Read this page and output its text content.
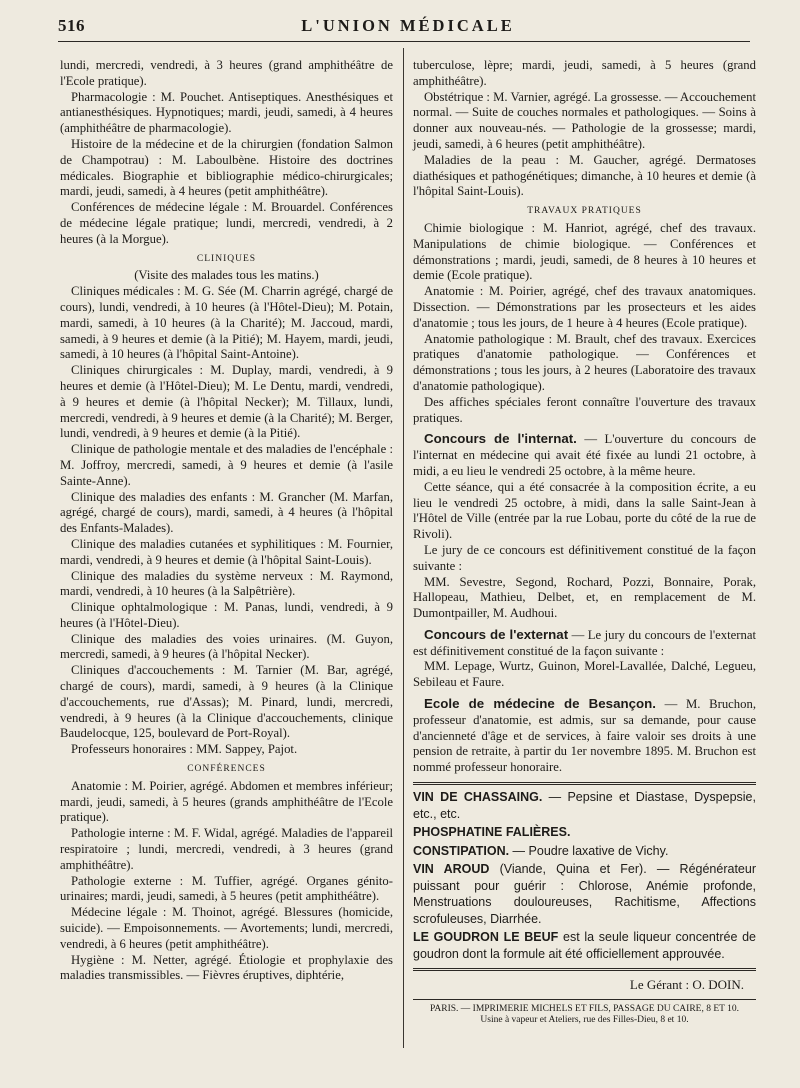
516	L'UNION MÉDICALE

lundi, mercredi, vendredi, à 3 heures (grand amphithéâtre de l'Ecole pratique).

Pharmacologie : M. Pouchet. Antiseptiques. Anesthésiques et antianesthésiques. Hypnotiques; mardi, jeudi, samedi, à 4 heures (amphithéâtre de pharmacologie).

Histoire de la médecine et de la chirurgien (fondation Salmon de Champotrau) : M. Laboulbène. Histoire des doctrines médicales. Biographie et bibliographie médico-chirurgicales; mardi, jeudi, samedi, à 4 heures (petit amphithéâtre).

Conférences de médecine légale : M. Brouardel. Conférences de médecine légale pratique; lundi, mercredi, vendredi, à 2 heures (à la Morgue).

CLINIQUES

(Visite des malades tous les matins.)

Cliniques médicales : M. G. Sée (M. Charrin agrégé, chargé de cours), lundi, vendredi, à 10 heures (à l'Hôtel-Dieu); M. Potain, mardi, samedi, à 10 heures (à la Charité); M. Jaccoud, mardi, samedi, à 9 heures et demie (à la Pitié); M. Hayem, mardi, jeudi, samedi, à 10 heures (à l'hôpital Saint-Antoine).

Cliniques chirurgicales : M. Duplay, mardi, vendredi, à 9 heures et demie (à l'Hôtel-Dieu); M. Le Dentu, mardi, vendredi, à 9 heures et demie (à l'hôpital Necker); M. Tillaux, lundi, mercredi, vendredi, à 9 heures et demie (à la Charité); M. Berger, lundi, vendredi, à 9 heures et demie (à la Pitié).

Clinique de pathologie mentale et des maladies de l'encéphale : M. Joffroy, mercredi, samedi, à 9 heures et demie (à l'asile Sainte-Anne).

Clinique des maladies des enfants : M. Grancher (M. Marfan, agrégé, chargé de cours), mardi, samedi, à 4 heures (à l'hôpital des Enfants-Malades).

Clinique des maladies cutanées et syphilitiques : M. Fournier, mardi, vendredi, à 9 heures et demie (à l'hôpital Saint-Louis).

Clinique des maladies du système nerveux : M. Raymond, mardi, vendredi, à 10 heures (à la Salpêtrière).

Clinique ophtalmologique : M. Panas, lundi, vendredi, à 9 heures (à l'Hôtel-Dieu).

Clinique des maladies des voies urinaires. (M. Guyon, mercredi, samedi, à 9 heures (à l'hôpital Necker).

Cliniques d'accouchements : M. Tarnier (M. Bar, agrégé, chargé de cours), mardi, samedi, à 9 heures (à la Clinique d'accouchements, rue d'Assas); M. Pinard, lundi, mercredi, vendredi, à 9 heures (à la Clinique d'accouchements, clinique Baudelocque, 125, boulevard de Port-Royal).

Professeurs honoraires : MM. Sappey, Pajot.

CONFÉRENCES

Anatomie : M. Poirier, agrégé. Abdomen et membres inférieur; mardi, jeudi, samedi, à 5 heures (grands amphithéâtre de l'Ecole pratique).

Pathologie interne : M. F. Widal, agrégé. Maladies de l'appareil respiratoire ; lundi, mercredi, vendredi, à 3 heures (grand amphithéâtre).

Pathologie externe : M. Tuffier, agrégé. Organes génito-urinaires; mardi, jeudi, samedi, à 5 heures (petit amphithéâtre).

Médecine légale : M. Thoinot, agrégé. Blessures (homicide, suicide). — Empoisonnements. — Avortements; lundi, mercredi, vendredi, à 6 heures (petit amphithéâtre).

Hygiène : M. Netter, agrégé. Étiologie et prophylaxie des maladies transmissibles. — Fièvres éruptives, diphtérie,

tuberculose, lèpre; mardi, jeudi, samedi, à 5 heures (grand amphithéâtre).

Obstétrique : M. Varnier, agrégé. La grossesse. — Accouchement normal. — Suite de couches normales et pathologiques. — Soins à donner aux nouveau-nés. — Pathologie de la grossesse; mardi, jeudi, samedi, à 6 heures (petit amphithéâtre).

Maladies de la peau : M. Gaucher, agrégé. Dermatoses diathésiques et pathogénétiques; dimanche, à 10 heures et demie (à l'hôpital Saint-Louis).

TRAVAUX PRATIQUES

Chimie biologique : M. Hanriot, agrégé, chef des travaux. Manipulations de chimie biologique. — Conférences et démonstrations ; mardi, jeudi, samedi, de 8 heures à 10 heures et demie (Ecole pratique).

Anatomie : M. Poirier, agrégé, chef des travaux anatomiques. Dissection. — Démonstrations par les prosecteurs et les aides d'anatomie ; tous les jours, de 1 heure à 4 heures (Ecole pratique).

Anatomie pathologique : M. Brault, chef des travaux. Exercices pratiques d'anatomie pathologique. — Conférences et démonstrations ; tous les jours, à 2 heures (Laboratoire des travaux d'anatomie pathologique).

Des affiches spéciales feront connaître l'ouverture des travaux pratiques.

Concours de l'internat. — L'ouverture du concours de l'internat en médecine qui avait été fixée au lundi 21 octobre, à midi, a eu lieu le vendredi 25 octobre, à la même heure.

Cette séance, qui a été consacrée à la composition écrite, a eu lieu le vendredi 25 octobre, à midi, dans la salle Saint-Jean à l'Hôtel de Ville (entrée par la rue Lobau, porte du côté de la rue de Rivoli).

Le jury de ce concours est définitivement constitué de la façon suivante :

MM. Sevestre, Segond, Rochard, Pozzi, Bonnaire, Porak, Hallopeau, Mathieu, Delbet, et, en remplacement de M. Dumontpailler, M. Audhoui.

Concours de l'externat — Le jury du concours de l'externat est définitivement constitué de la façon suivante :

MM. Lepage, Wurtz, Guinon, Morel-Lavallée, Dalché, Legueu, Sebileau et Faure.

Ecole de médecine de Besançon. — M. Bruchon, professeur d'anatomie, est admis, sur sa demande, pour cause d'ancienneté d'âge et de services, à faire valoir ses droits à une pension de retraite, à partir du 1er novembre 1895. M. Bruchon est nommé professeur honoraire.

VIN DE CHASSAING. — Pepsine et Diastase, Dyspepsie, etc., etc.

PHOSPHATINE FALIÈRES.

CONSTIPATION. — Poudre laxative de Vichy.

VIN AROUD (Viande, Quina et Fer). — Régénérateur puissant pour guérir : Chlorose, Anémie profonde, Menstruations douloureuses, Rachitisme, Affections scrofuleuses, Diarrhée.

LE GOUDRON LE BEUF est la seule liqueur concentrée de goudron dont la formule ait été officiellement approuvée.

Le Gérant : O. DOIN.

PARIS. — IMPRIMERIE MICHELS ET FILS, PASSAGE DU CAIRE, 8 ET 10.

Usine à vapeur et Ateliers, rue des Filles-Dieu, 8 et 10.
